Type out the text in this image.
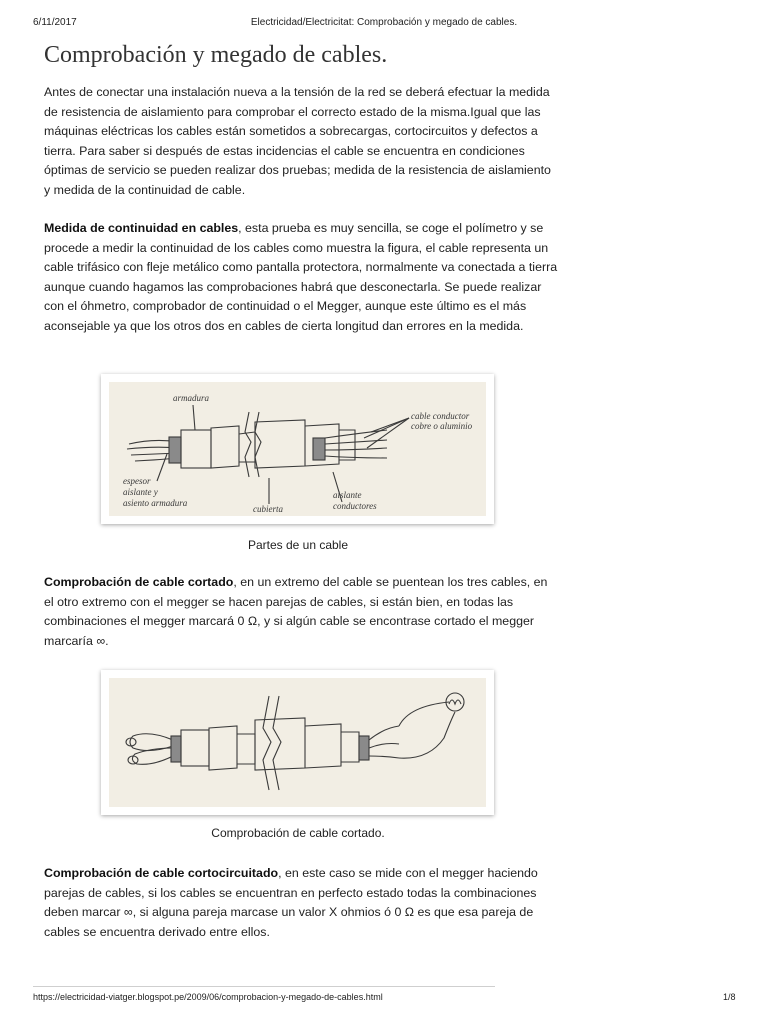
Electricidad/Electricitat: Comprobación y megado de cables.
6/11/2017
Comprobación y megado de cables.

Antes de conectar una instalación nueva a la tensión de la red se deberá efectuar la medida de resistencia de aislamiento para comprobar el correcto estado de la misma.Igual que las máquinas eléctricas los cables están sometidos a sobrecargas, cortocircuitos y defectos a tierra. Para saber si después de estas incidencias el cable se encuentra en condiciones óptimas de servicio se pueden realizar dos pruebas; medida de la resistencia de aislamiento y medida de la continuidad de cable.

Medida de continuidad en cables, esta prueba es muy sencilla, se coge el polímetro y se procede a medir la continuidad de los cables como muestra la figura, el cable representa un cable trifásico con fleje metálico como pantalla protectora, normalmente va conectada a tierra aunque cuando hagamos las comprobaciones habrá que desconectarla. Se puede realizar con el óhmetro, comprobador de continuidad o el Megger, aunque este último es el más aconsejable ya que los otros dos en cables de cierta longitud dan errores en la medida.

armadura
cable conductor
cobre o aluminio
espesor
aislante y
asiento armadura
cubierta
aislante
conductores
Partes de un cable

Comprobación de cable cortado, en un extremo del cable se puentean los tres cables, en el otro extremo con el megger se hacen parejas de cables, si están bien, en todas las combinaciones el megger marcará 0 Ω, y si algún cable se encontrase cortado el megger marcaría ∞.

Comprobación de cable cortado.

Comprobación de cable cortocircuitado, en este caso se mide con el megger haciendo parejas de cables, si los cables se encuentran en perfecto estado todas la combinaciones deben marcar ∞, si alguna pareja marcase un valor X ohmios ó 0 Ω es que esa pareja de cables se encuentra derivado entre ellos.

https://electricidad-viatger.blogspot.pe/2009/06/comprobacion-y-megado-de-cables.html	1/8
